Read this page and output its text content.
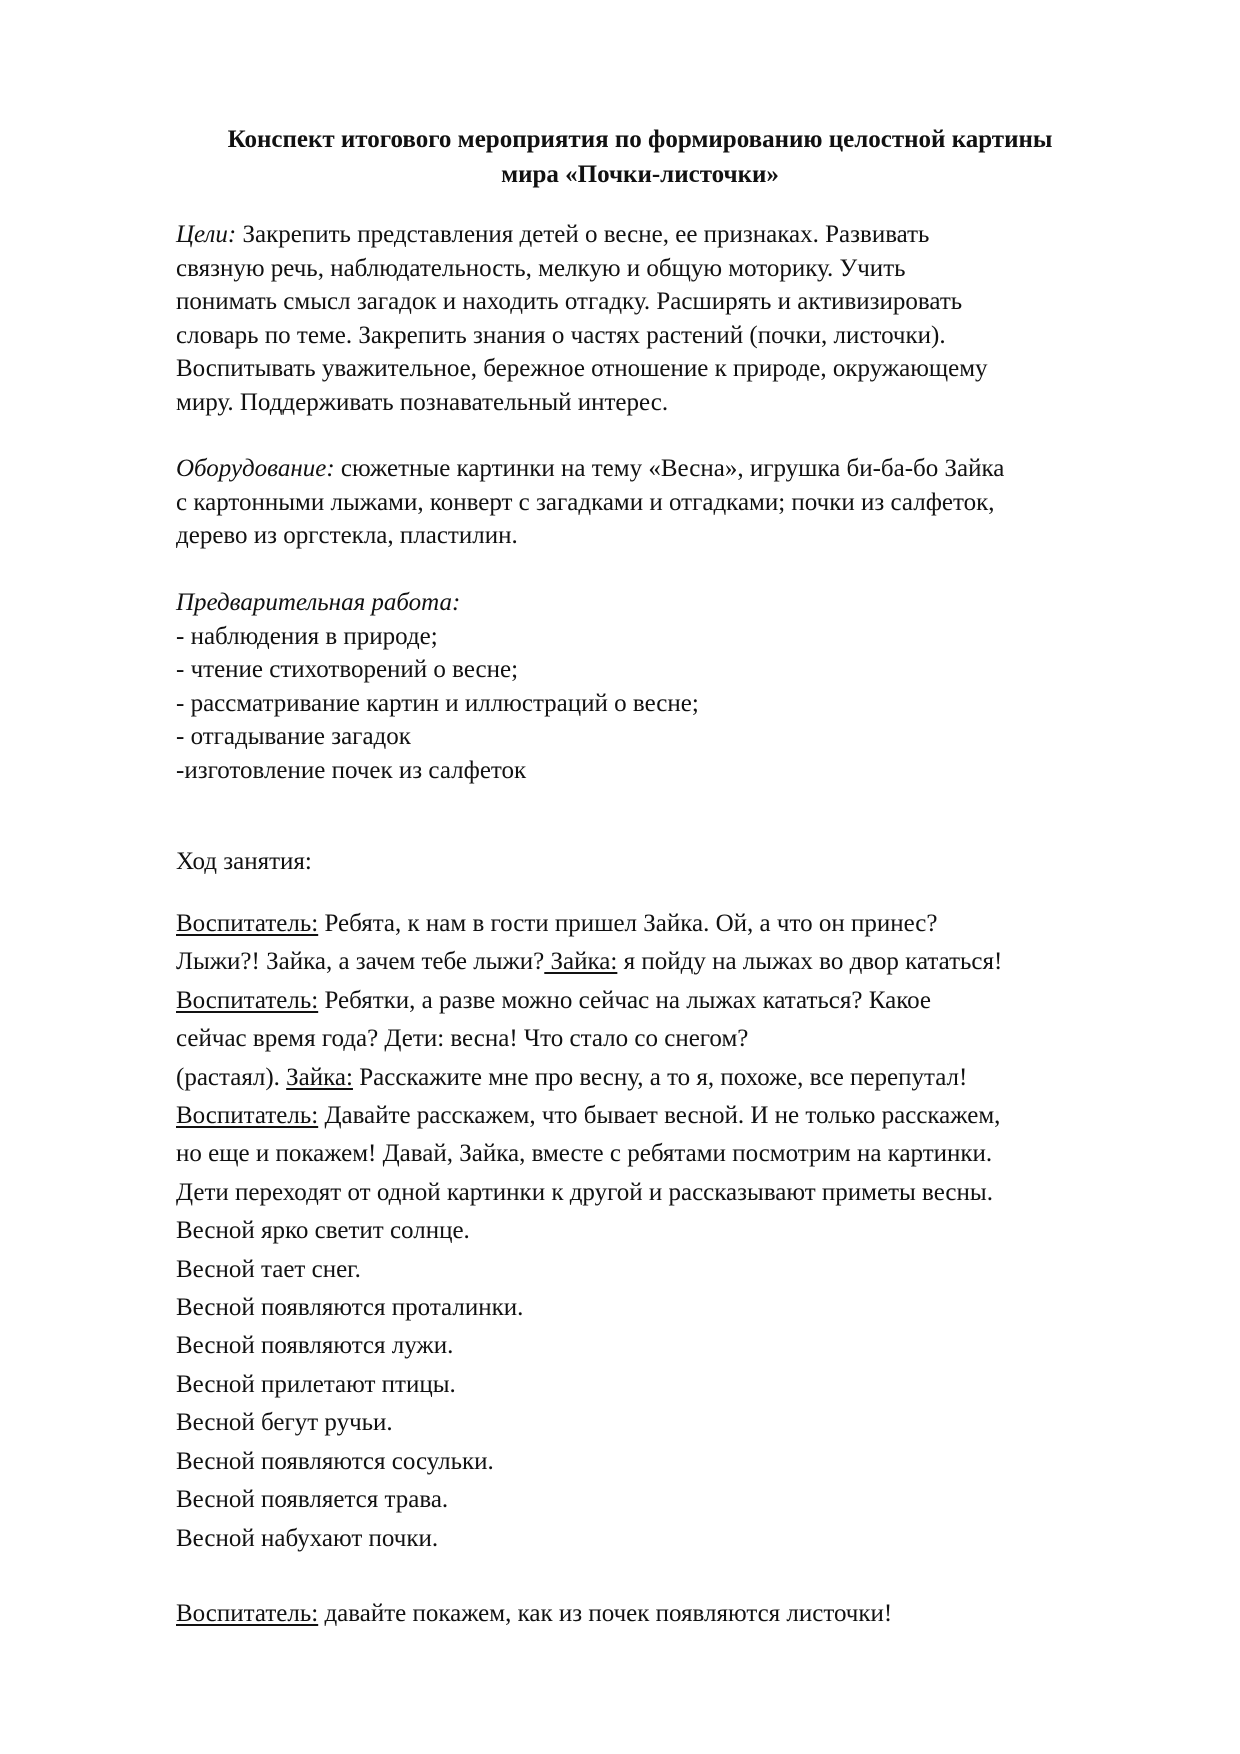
Конспект итогового мероприятия по формированию целостной картины
мира «Почки-листочки»
Цели: Закрепить представления детей о весне, ее признаках. Развивать
связную речь, наблюдательность, мелкую и общую моторику. Учить
понимать смысл загадок и находить отгадку. Расширять и активизировать
словарь по теме. Закрепить знания о частях растений (почки, листочки).
Воспитывать уважительное, бережное отношение к природе, окружающему
миру. Поддерживать познавательный интерес.
Оборудование: сюжетные картинки на тему «Весна», игрушка би-ба-бо Зайка
с картонными лыжами, конверт с загадками и отгадками; почки из салфеток,
дерево из оргстекла, пластилин.
Предварительная работа:
- наблюдения в природе;
- чтение стихотворений о весне;
- рассматривание картин и иллюстраций о весне;
- отгадывание загадок
-изготовление почек из салфеток
Ход занятия:
Воспитатель: Ребята, к нам в гости пришел Зайка. Ой, а что он принес?
Лыжи?! Зайка, а зачем тебе лыжи? Зайка: я пойду на лыжах во двор кататься!
Воспитатель: Ребятки, а разве можно сейчас на лыжах кататься? Какое
сейчас время года? Дети: весна! Что стало со снегом?
(растаял). Зайка: Расскажите мне про весну, а то я, похоже, все перепутал!
Воспитатель: Давайте расскажем, что бывает весной. И не только расскажем,
но еще и покажем! Давай, Зайка, вместе с ребятами посмотрим на картинки.
Дети переходят от одной картинки к другой и рассказывают приметы весны.
Весной ярко светит солнце.
Весной тает снег.
Весной появляются проталинки.
Весной появляются лужи.
Весной прилетают птицы.
Весной бегут ручьи.
Весной появляются сосульки.
Весной появляется трава.
Весной набухают почки.
Воспитатель: давайте покажем, как из почек появляются листочки!
